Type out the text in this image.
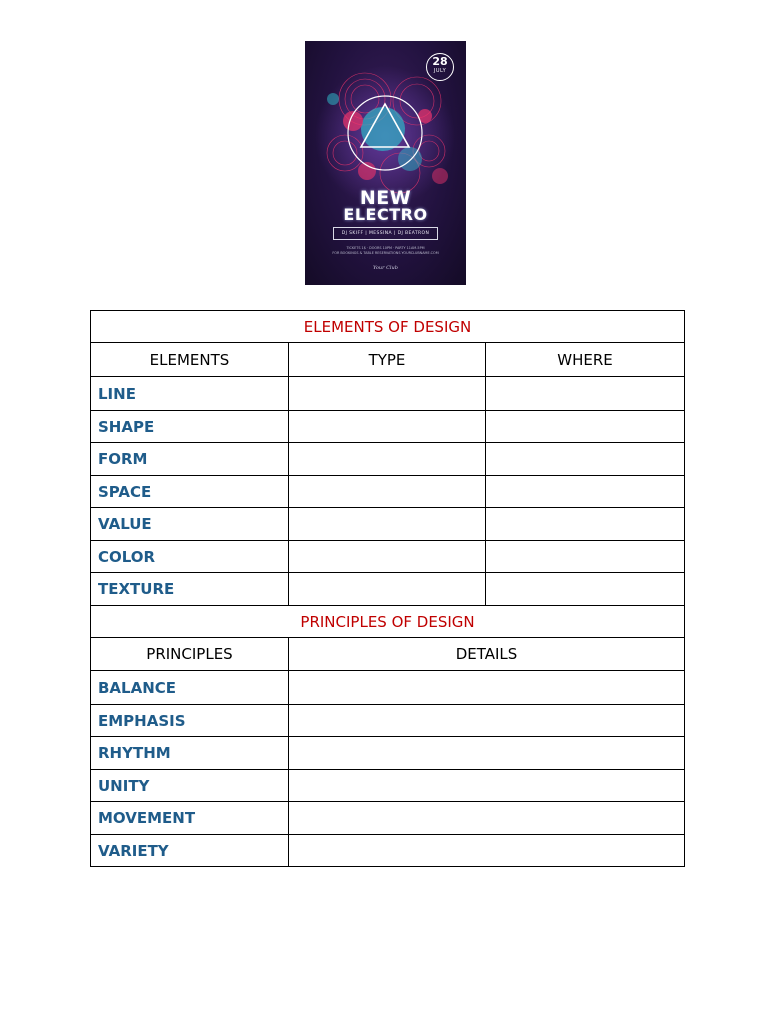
28
JULY
NEW
ELECTRO
DJ SKIFF | MESSINA | DJ BEATRON
TICKETS 1$ · DOORS 10PM · PARTY 11AM-5PM
FOR BOOKINGS & TABLE RESERVATIONS YOURCLUBNAME.COM
Your Club
ELEMENTS OF DESIGN		
ELEMENTS	TYPE	WHERE
LINE		
SHAPE		
FORM		
SPACE		
VALUE		
COLOR		
TEXTURE		
PRINCIPLES OF DESIGN		
PRINCIPLES	DETAILS	
BALANCE		
EMPHASIS		
RHYTHM		
UNITY		
MOVEMENT		
VARIETY		
